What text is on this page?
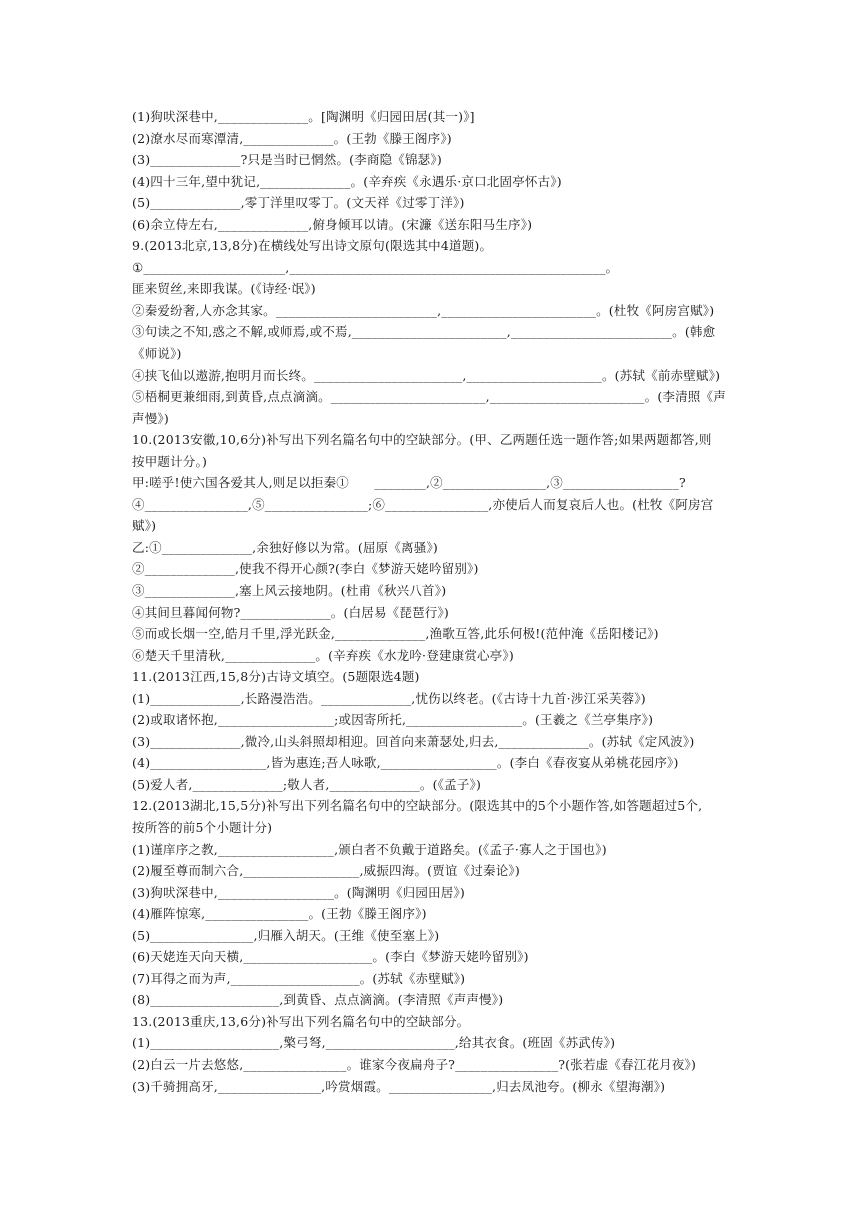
(1)狗吠深巷中,______________。[陶渊明《归园田居(其一)》]
(2)潦水尽而寒潭清,______________。(王勃《滕王阁序》)
(3)______________?只是当时已惘然。(李商隐《锦瑟》)
(4)四十三年,望中犹记,______________。(辛弃疾《永遇乐·京口北固亭怀古》)
(5)______________,零丁洋里叹零丁。(文天祥《过零丁洋》)
(6)余立侍左右,______________,俯身倾耳以请。(宋濂《送东阳马生序》)
9.(2013北京,13,8分)在横线处写出诗文原句(限选其中4道题)。
①______________________,_________________________________________________。
匪来贸丝,来即我谋。(《诗经·氓》)
②秦爱纷奢,人亦念其家。_________________________,________________________。(杜牧《阿房宫赋》)
③句读之不知,惑之不解,或师焉,或不焉,________________________,_________________________。(韩愈
《师说》)
④挟飞仙以遨游,抱明月而长终。_______________________,_____________________。(苏轼《前赤壁赋》)
⑤梧桐更兼细雨,到黄昏,点点滴滴。________________________,________________________。(李清照《声
声慢》)
10.(2013安徽,10,6分)补写出下列名篇名句中的空缺部分。(甲、乙两题任选一题作答;如果两题都答,则
按甲题计分。)
甲:嗟乎!使六国各爱其人,则足以拒秦①　　________,②________________,③__________________?
④________________,⑤________________;⑥________________,亦使后人而复哀后人也。(杜牧《阿房宫
赋》)
乙:①______________,余独好修以为常。(屈原《离骚》)
②______________,使我不得开心颜?(李白《梦游天姥吟留别》)
③______________,塞上风云接地阴。(杜甫《秋兴八首》)
④其间旦暮闻何物?______________。(白居易《琵琶行》)
⑤而或长烟一空,皓月千里,浮光跃金,______________,渔歌互答,此乐何极!(范仲淹《岳阳楼记》)
⑥楚天千里清秋,______________。(辛弃疾《水龙吟·登建康赏心亭》)
11.(2013江西,15,8分)古诗文填空。(5题限选4题)
(1)______________,长路漫浩浩。______________,忧伤以终老。(《古诗十九首·涉江采芙蓉》)
(2)或取诸怀抱,__________________;或因寄所托,__________________。(王羲之《兰亭集序》)
(3)______________,微冷,山头斜照却相迎。回首向来萧瑟处,归去,______________。(苏轼《定风波》)
(4)__________________,皆为惠连;吾人咏歌,__________________。(李白《春夜宴从弟桃花园序》)
(5)爱人者,______________;敬人者,______________。(《孟子》)
12.(2013湖北,15,5分)补写出下列名篇名句中的空缺部分。(限选其中的5个小题作答,如答题超过5个,
按所答的前5个小题计分)
(1)谨庠序之教,__________________,颁白者不负戴于道路矣。(《孟子·寡人之于国也》)
(2)履至尊而制六合,__________________,威振四海。(贾谊《过秦论》)
(3)狗吠深巷中,__________________。(陶渊明《归园田居》)
(4)雁阵惊寒,________________。(王勃《滕王阁序》)
(5)________________,归雁入胡天。(王维《使至塞上》)
(6)天姥连天向天横,____________________。(李白《梦游天姥吟留别》)
(7)耳得之而为声,____________________。(苏轼《赤壁赋》)
(8)____________________,到黄昏、点点滴滴。(李清照《声声慢》)
13.(2013重庆,13,6分)补写出下列名篇名句中的空缺部分。
(1)____________________,檠弓弩,____________________,给其衣食。(班固《苏武传》)
(2)白云一片去悠悠,________________。谁家今夜扁舟子?________________?(张若虚《春江花月夜》)
(3)千骑拥高牙,________________,吟赏烟霞。________________,归去凤池夸。(柳永《望海潮》)
